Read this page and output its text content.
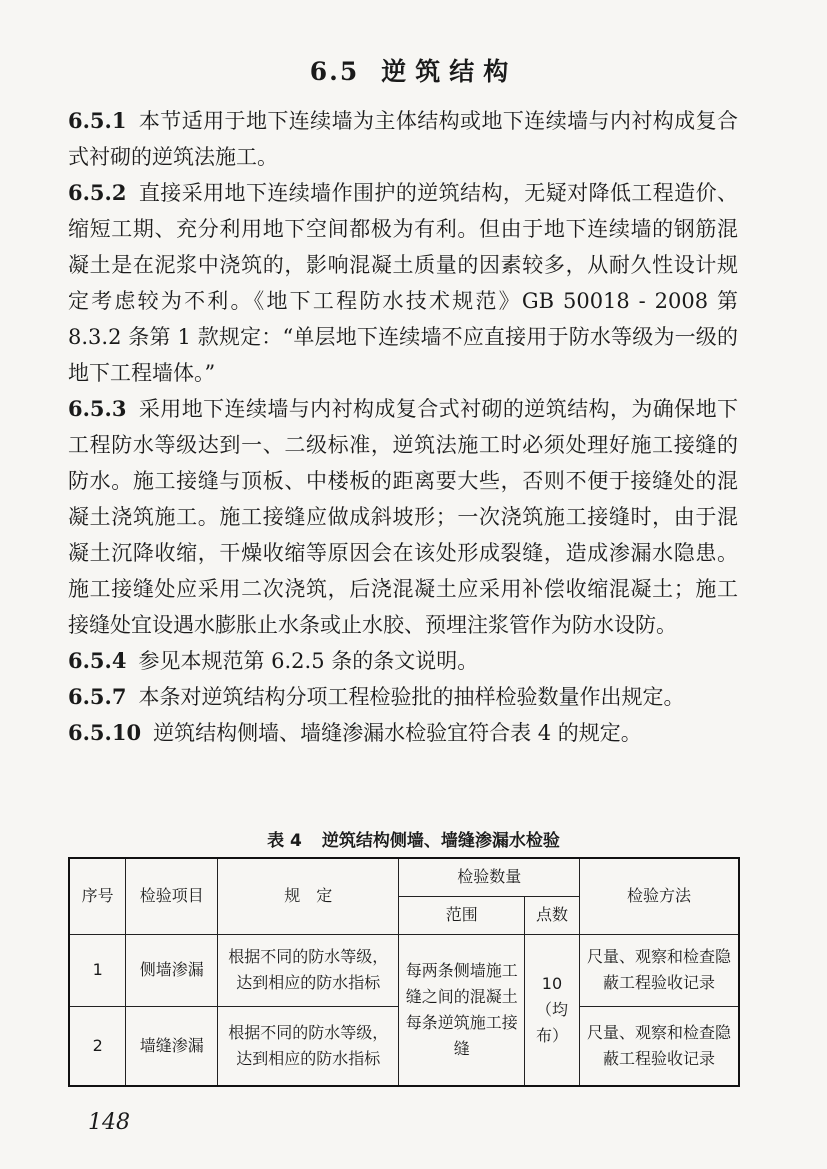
6.5 逆筑结构

6.5.1 本节适用于地下连续墙为主体结构或地下连续墙与内衬构成复合式衬砌的逆筑法施工。

6.5.2 直接采用地下连续墙作围护的逆筑结构，无疑对降低工程造价、缩短工期、充分利用地下空间都极为有利。但由于地下连续墙的钢筋混凝土是在泥浆中浇筑的，影响混凝土质量的因素较多，从耐久性设计规定考虑较为不利。《地下工程防水技术规范》GB 50018 - 2008 第 8.3.2 条第 1 款规定：“单层地下连续墙不应直接用于防水等级为一级的地下工程墙体。”

6.5.3 采用地下连续墙与内衬构成复合式衬砌的逆筑结构，为确保地下工程防水等级达到一、二级标准，逆筑法施工时必须处理好施工接缝的防水。施工接缝与顶板、中楼板的距离要大些，否则不便于接缝处的混凝土浇筑施工。施工接缝应做成斜坡形；一次浇筑施工接缝时，由于混凝土沉降收缩，干燥收缩等原因会在该处形成裂缝，造成渗漏水隐患。施工接缝处应采用二次浇筑，后浇混凝土应采用补偿收缩混凝土；施工接缝处宜设遇水膨胀止水条或止水胶、预埋注浆管作为防水设防。

6.5.4 参见本规范第 6.2.5 条的条文说明。

6.5.7 本条对逆筑结构分项工程检验批的抽样检验数量作出规定。

6.5.10 逆筑结构侧墙、墙缝渗漏水检验宜符合表 4 的规定。

表 4 逆筑结构侧墙、墙缝渗漏水检验
序号	检验项目	规　定	检验数量		检验方法
			范围	点数	
1	侧墙渗漏	根据不同的防水等级，达到相应的防水指标	每两条侧墙施工缝之间的混凝土每条逆筑施工接缝	10（均布）	尺量、观察和检查隐蔽工程验收记录
2	墙缝渗漏	根据不同的防水等级，达到相应的防水指标			尺量、观察和检查隐蔽工程验收记录
148
